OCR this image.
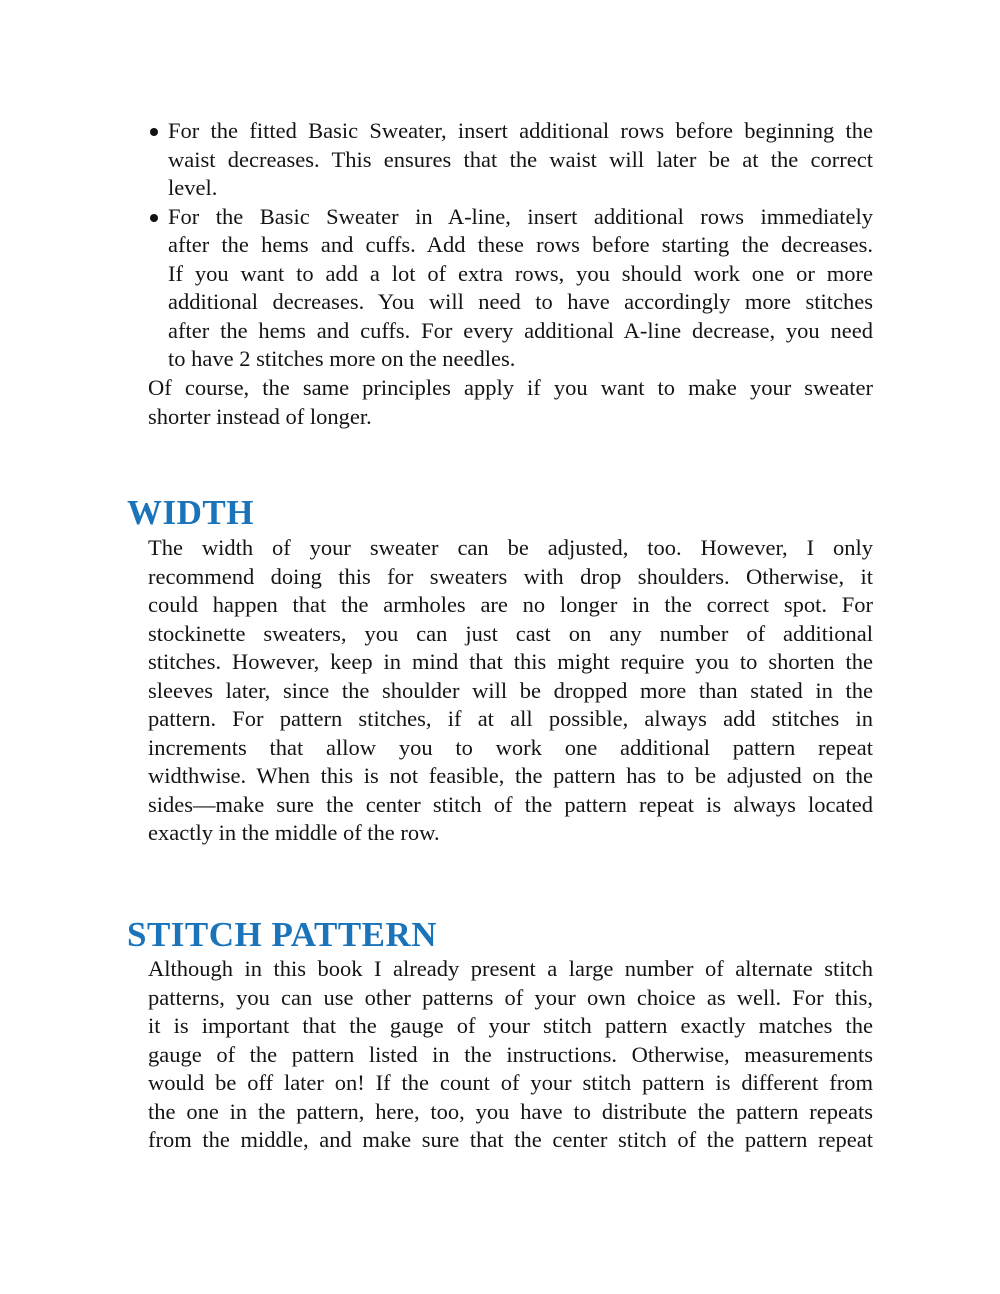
For the fitted Basic Sweater, insert additional rows before beginning the
waist decreases. This ensures that the waist will later be at the correct
level.
For the Basic Sweater in A-line, insert additional rows immediately
after the hems and cuffs. Add these rows before starting the decreases.
If you want to add a lot of extra rows, you should work one or more
additional decreases. You will need to have accordingly more stitches
after the hems and cuffs. For every additional A-line decrease, you need
to have 2 stitches more on the needles.
Of course, the same principles apply if you want to make your sweater
shorter instead of longer.
WIDTH
The width of your sweater can be adjusted, too. However, I only
recommend doing this for sweaters with drop shoulders. Otherwise, it
could happen that the armholes are no longer in the correct spot. For
stockinette sweaters, you can just cast on any number of additional
stitches. However, keep in mind that this might require you to shorten the
sleeves later, since the shoulder will be dropped more than stated in the
pattern. For pattern stitches, if at all possible, always add stitches in
increments that allow you to work one additional pattern repeat
widthwise. When this is not feasible, the pattern has to be adjusted on the
sides—make sure the center stitch of the pattern repeat is always located
exactly in the middle of the row.
STITCH PATTERN
Although in this book I already present a large number of alternate stitch
patterns, you can use other patterns of your own choice as well. For this,
it is important that the gauge of your stitch pattern exactly matches the
gauge of the pattern listed in the instructions. Otherwise, measurements
would be off later on! If the count of your stitch pattern is different from
the one in the pattern, here, too, you have to distribute the pattern repeats
from the middle, and make sure that the center stitch of the pattern repeat
